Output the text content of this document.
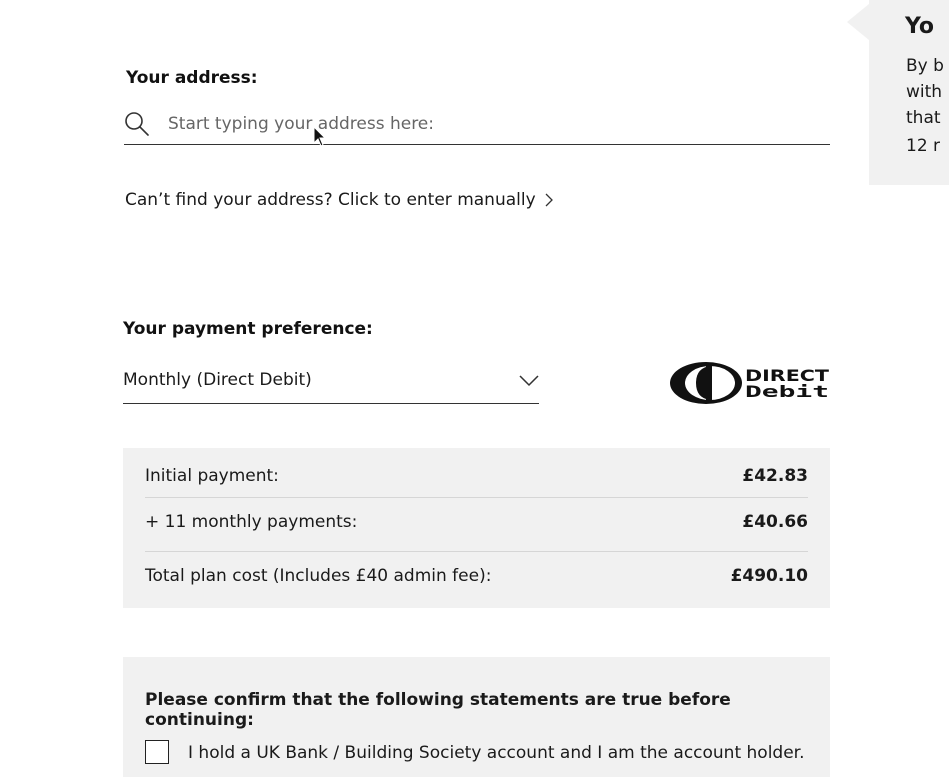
Your address:
Start typing your address here:
Can’t find your address? Click to enter manually
Your payment preference:
Monthly (Direct Debit)	DIRECT
Debit
Initial payment:	£42.83
+ 11 monthly payments:	£40.66
Total plan cost (Includes £40 admin fee):	£490.10
Please confirm that the following statements are true before continuing:
I hold a UK Bank / Building Society account and I am the account holder.
Yo
By b
with
that
12 r
